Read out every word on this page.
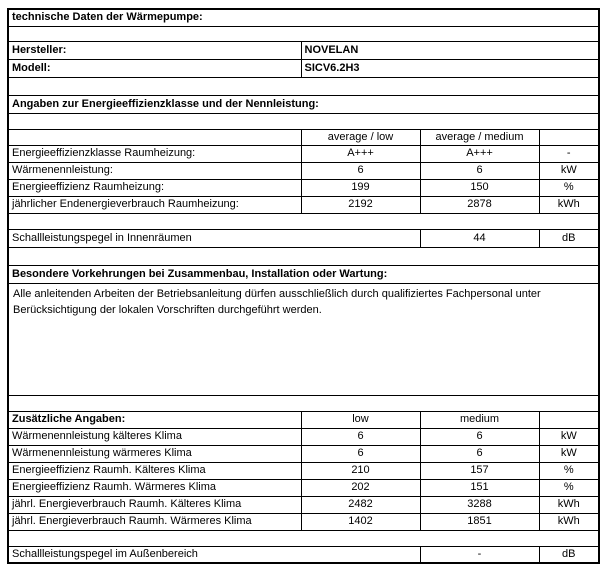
technische Daten der Wärmepumpe:			

Hersteller:	NOVELAN		
Modell:	SICV6.2H3		

Angaben zur Energieeffizienzklasse und der Nennleistung:			

	average / low	average / medium	
Energieeffizienzklasse Raumheizung:	A+++	A+++	-
Wärmenennleistung:	6	6	kW
Energieeffizienz Raumheizung:	199	150	%
jährlicher Endenergieverbrauch Raumheizung:	2192	2878	kWh

Schallleistungspegel in Innenräumen		44	dB

Besondere Vorkehrungen bei Zusammenbau, Installation oder Wartung:			
Alle anleitenden Arbeiten der Betriebsanleitung dürfen ausschließlich durch qualifiziertes Fachpersonal unter Berücksichtigung der lokalen Vorschriften durchgeführt werden.			

Zusätzliche Angaben:	low	medium	
Wärmenennleistung kälteres Klima	6	6	kW
Wärmenennleistung wärmeres Klima	6	6	kW
Energieeffizienz Raumh. Kälteres Klima	210	157	%
Energieeffizienz Raumh. Wärmeres Klima	202	151	%
jährl. Energieverbrauch Raumh. Kälteres Klima	2482	3288	kWh
jährl. Energieverbrauch Raumh. Wärmeres Klima	1402	1851	kWh

Schallleistungspegel im Außenbereich		-	dB
